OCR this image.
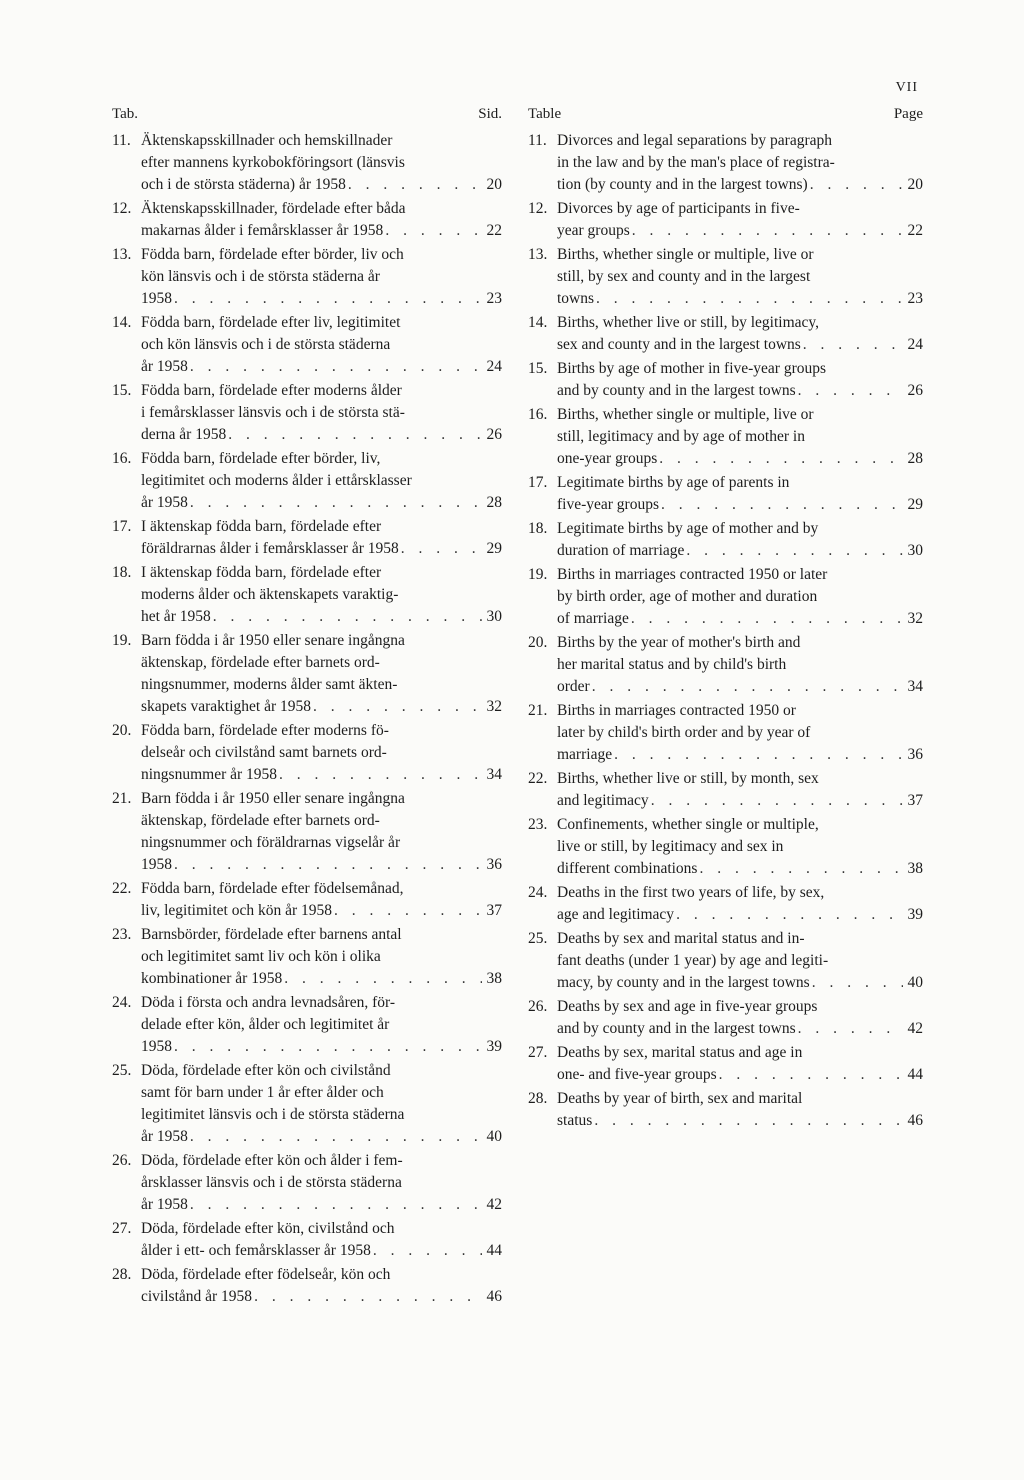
VII
Tab.	Sid.
11. Äktenskapsskillnader och hemskillnader
efter mannens kyrkobokföringsort (länsvis
och i de största städerna) år 1958 . . .	20
12. Äktenskapsskillnader, fördelade efter båda
makarnas ålder i femårsklasser år 1958 . . .	22
13. Födda barn, fördelade efter börder, liv och
kön länsvis och i de största städerna år
1958 . . .	23
14. Födda barn, fördelade efter liv, legitimitet
och kön länsvis och i de största städerna
år 1958 . . .	24
15. Födda barn, fördelade efter moderns ålder
i femårsklasser länsvis och i de största stä-
derna år 1958 . . .	26
16. Födda barn, fördelade efter börder, liv,
legitimitet och moderns ålder i ettårsklasser
år 1958 . . .	28
17. I äktenskap födda barn, fördelade efter
föräldrarnas ålder i femårsklasser år 1958 . . .	29
18. I äktenskap födda barn, fördelade efter
moderns ålder och äktenskapets varaktig-
het år 1958 . . .	30
19. Barn födda i år 1950 eller senare ingångna
äktenskap, fördelade efter barnets ord-
ningsnummer, moderns ålder samt äkten-
skapets varaktighet år 1958 . . .	32
20. Födda barn, fördelade efter moderns fö-
delseår och civilstånd samt barnets ord-
ningsnummer år 1958 . . .	34
21. Barn födda i år 1950 eller senare ingångna
äktenskap, fördelade efter barnets ord-
ningsnummer och föräldrarnas vigselår år
1958 . . .	36
22. Födda barn, fördelade efter födelsemånad,
liv, legitimitet och kön år 1958 . . .	37
23. Barnsbörder, fördelade efter barnens antal
och legitimitet samt liv och kön i olika
kombinationer år 1958 . . .	38
24. Döda i första och andra levnadsåren, för-
delade efter kön, ålder och legitimitet år
1958 . . .	39
25. Döda, fördelade efter kön och civilstånd
samt för barn under 1 år efter ålder och
legitimitet länsvis och i de största städerna
år 1958 . . .	40
26. Döda, fördelade efter kön och ålder i fem-
årsklasser länsvis och i de största städerna
år 1958 . . .	42
27. Döda, fördelade efter kön, civilstånd och
ålder i ett- och femårsklasser år 1958 . . .	44
28. Döda, fördelade efter födelseår, kön och
civilstånd år 1958 . . .	46
Table	Page
11. Divorces and legal separations by paragraph
in the law and by the man's place of registra-
tion (by county and in the largest towns) . . .	20
12. Divorces by age of participants in five-
year groups . . .	22
13. Births, whether single or multiple, live or
still, by sex and county and in the largest
towns . . .	23
14. Births, whether live or still, by legitimacy,
sex and county and in the largest towns . . .	24
15. Births by age of mother in five-year groups
and by county and in the largest towns . . .	26
16. Births, whether single or multiple, live or
still, legitimacy and by age of mother in
one-year groups . . .	28
17. Legitimate births by age of parents in
five-year groups . . .	29
18. Legitimate births by age of mother and by
duration of marriage . . .	30
19. Births in marriages contracted 1950 or later
by birth order, age of mother and duration
of marriage . . .	32
20. Births by the year of mother's birth and
her marital status and by child's birth
order . . .	34
21. Births in marriages contracted 1950 or
later by child's birth order and by year of
marriage . . .	36
22. Births, whether live or still, by month, sex
and legitimacy . . .	37
23. Confinements, whether single or multiple,
live or still, by legitimacy and sex in
different combinations . . .	38
24. Deaths in the first two years of life, by sex,
age and legitimacy . . .	39
25. Deaths by sex and marital status and in-
fant deaths (under 1 year) by age and legiti-
macy, by county and in the largest towns . . .	40
26. Deaths by sex and age in five-year groups
and by county and in the largest towns . . .	42
27. Deaths by sex, marital status and age in
one- and five-year groups . . .	44
28. Deaths by year of birth, sex and marital
status . . .	46
